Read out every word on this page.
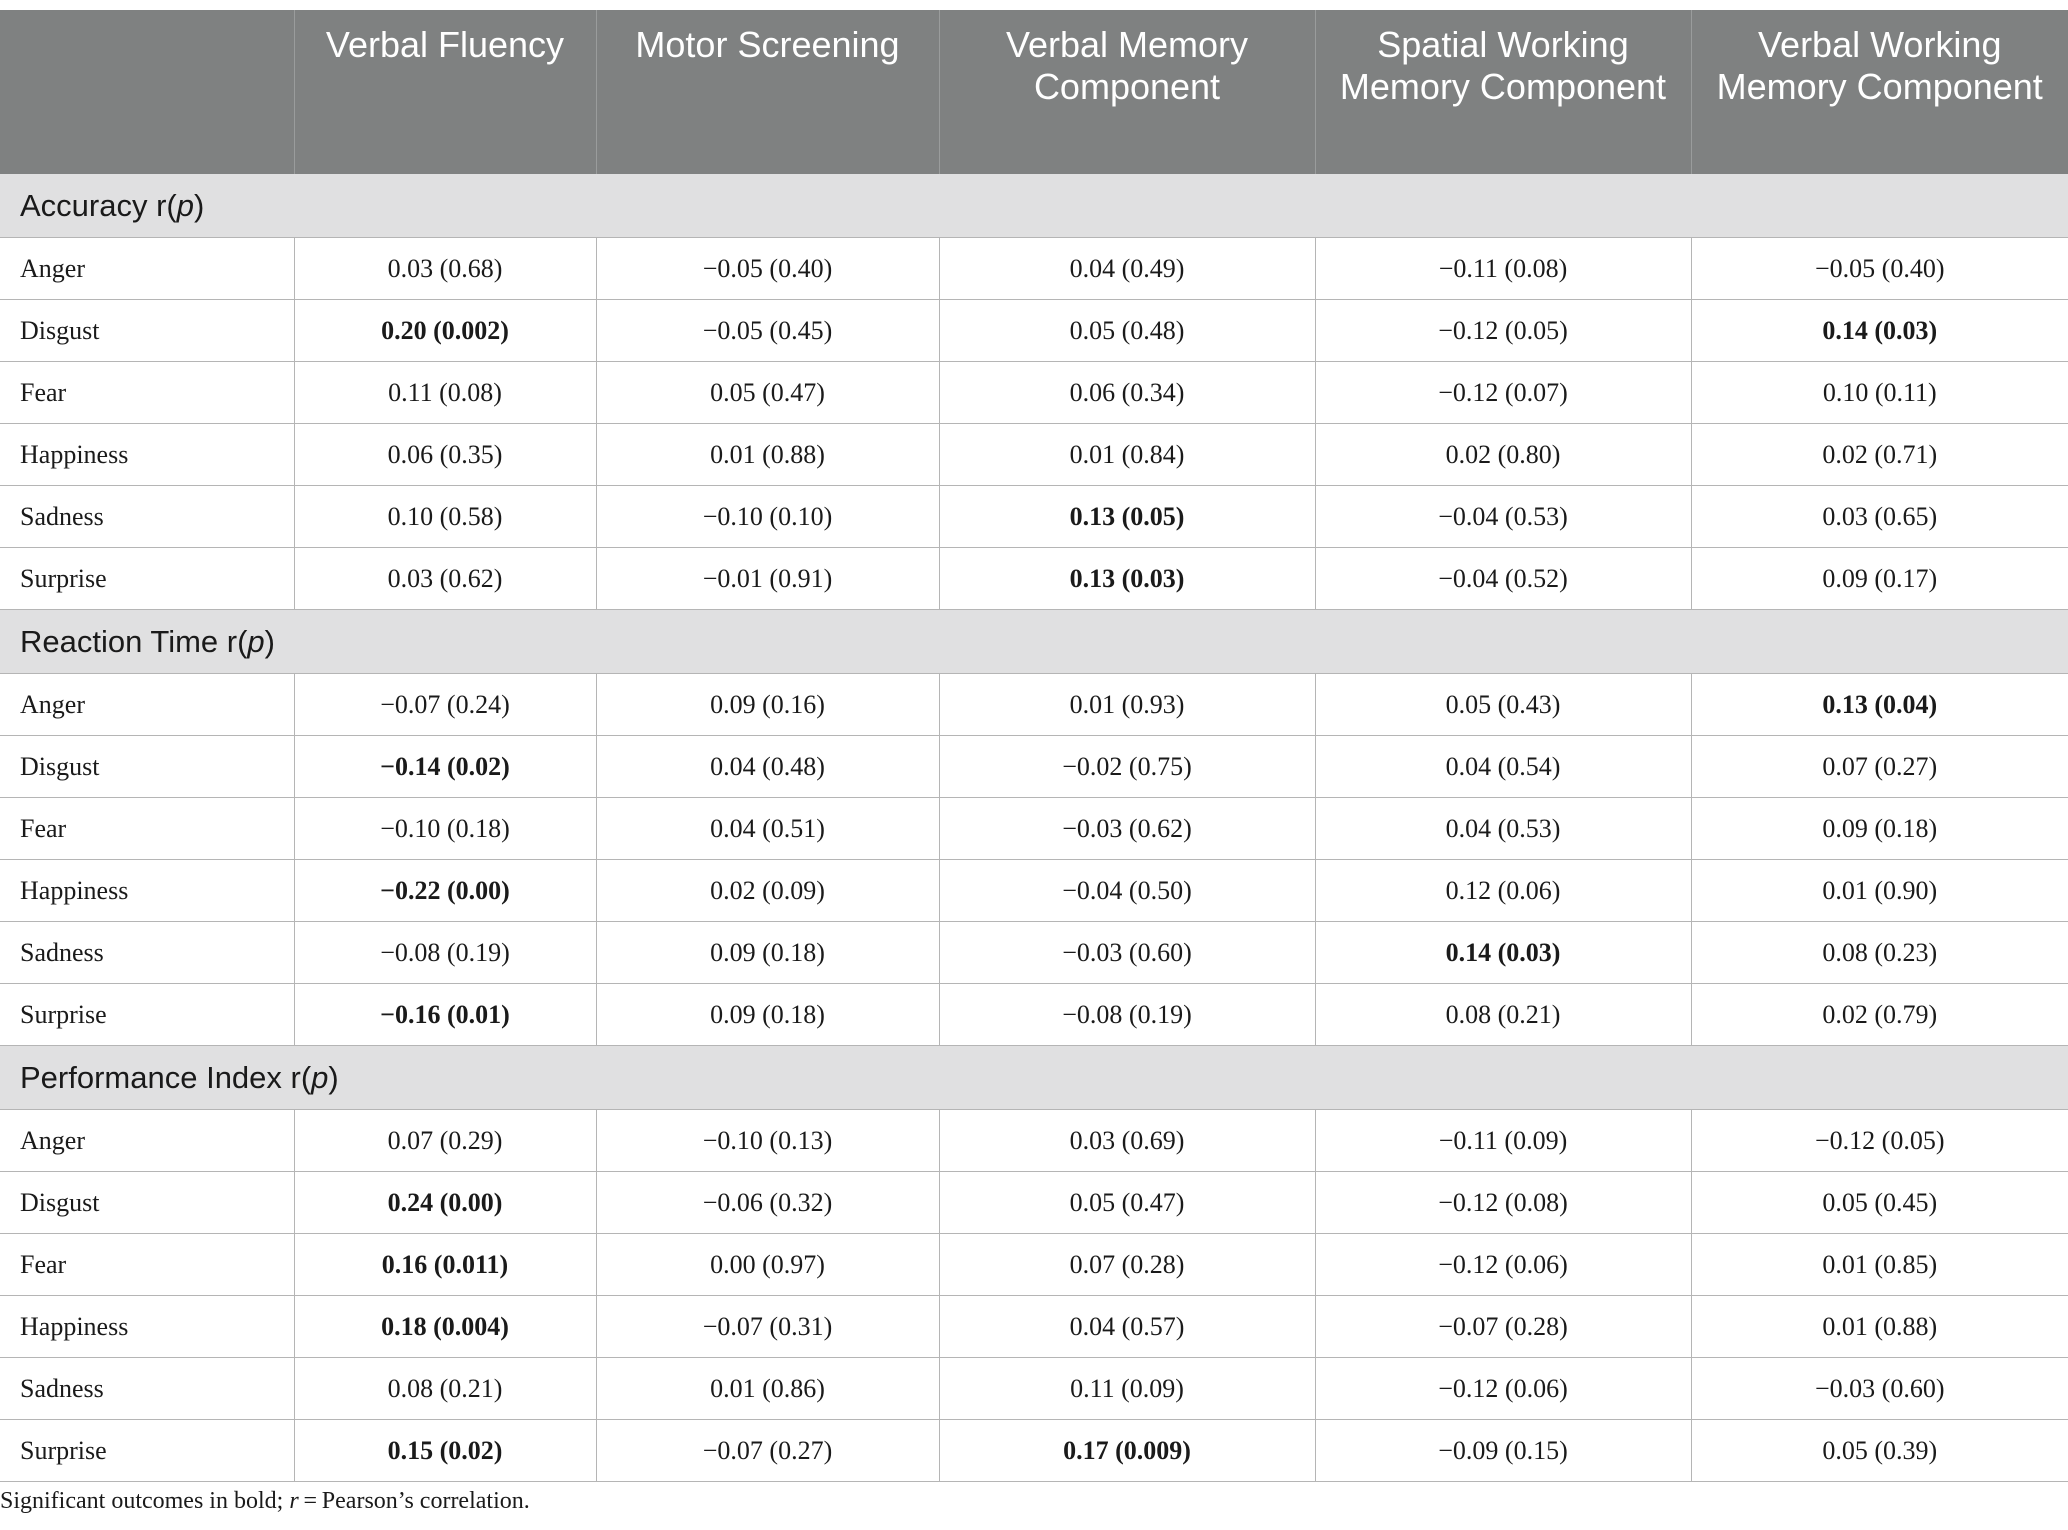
	Verbal Fluency	Motor Screening	Verbal Memory Component	Spatial Working Memory Component	Verbal Working Memory Component
Accuracy r(p)					
Anger	0.03 (0.68)	−0.05 (0.40)	0.04 (0.49)	−0.11 (0.08)	−0.05 (0.40)
Disgust	0.20 (0.002)	−0.05 (0.45)	0.05 (0.48)	−0.12 (0.05)	0.14 (0.03)
Fear	0.11 (0.08)	0.05 (0.47)	0.06 (0.34)	−0.12 (0.07)	0.10 (0.11)
Happiness	0.06 (0.35)	0.01 (0.88)	0.01 (0.84)	0.02 (0.80)	0.02 (0.71)
Sadness	0.10 (0.58)	−0.10 (0.10)	0.13 (0.05)	−0.04 (0.53)	0.03 (0.65)
Surprise	0.03 (0.62)	−0.01 (0.91)	0.13 (0.03)	−0.04 (0.52)	0.09 (0.17)
Reaction Time r(p)					
Anger	−0.07 (0.24)	0.09 (0.16)	0.01 (0.93)	0.05 (0.43)	0.13 (0.04)
Disgust	−0.14 (0.02)	0.04 (0.48)	−0.02 (0.75)	0.04 (0.54)	0.07 (0.27)
Fear	−0.10 (0.18)	0.04 (0.51)	−0.03 (0.62)	0.04 (0.53)	0.09 (0.18)
Happiness	−0.22 (0.00)	0.02 (0.09)	−0.04 (0.50)	0.12 (0.06)	0.01 (0.90)
Sadness	−0.08 (0.19)	0.09 (0.18)	−0.03 (0.60)	0.14 (0.03)	0.08 (0.23)
Surprise	−0.16 (0.01)	0.09 (0.18)	−0.08 (0.19)	0.08 (0.21)	0.02 (0.79)
Performance Index r(p)					
Anger	0.07 (0.29)	−0.10 (0.13)	0.03 (0.69)	−0.11 (0.09)	−0.12 (0.05)
Disgust	0.24 (0.00)	−0.06 (0.32)	0.05 (0.47)	−0.12 (0.08)	0.05 (0.45)
Fear	0.16 (0.011)	0.00 (0.97)	0.07 (0.28)	−0.12 (0.06)	0.01 (0.85)
Happiness	0.18 (0.004)	−0.07 (0.31)	0.04 (0.57)	−0.07 (0.28)	0.01 (0.88)
Sadness	0.08 (0.21)	0.01 (0.86)	0.11 (0.09)	−0.12 (0.06)	−0.03 (0.60)
Surprise	0.15 (0.02)	−0.07 (0.27)	0.17 (0.009)	−0.09 (0.15)	0.05 (0.39)
Significant outcomes in bold; r = Pearson’s correlation.
